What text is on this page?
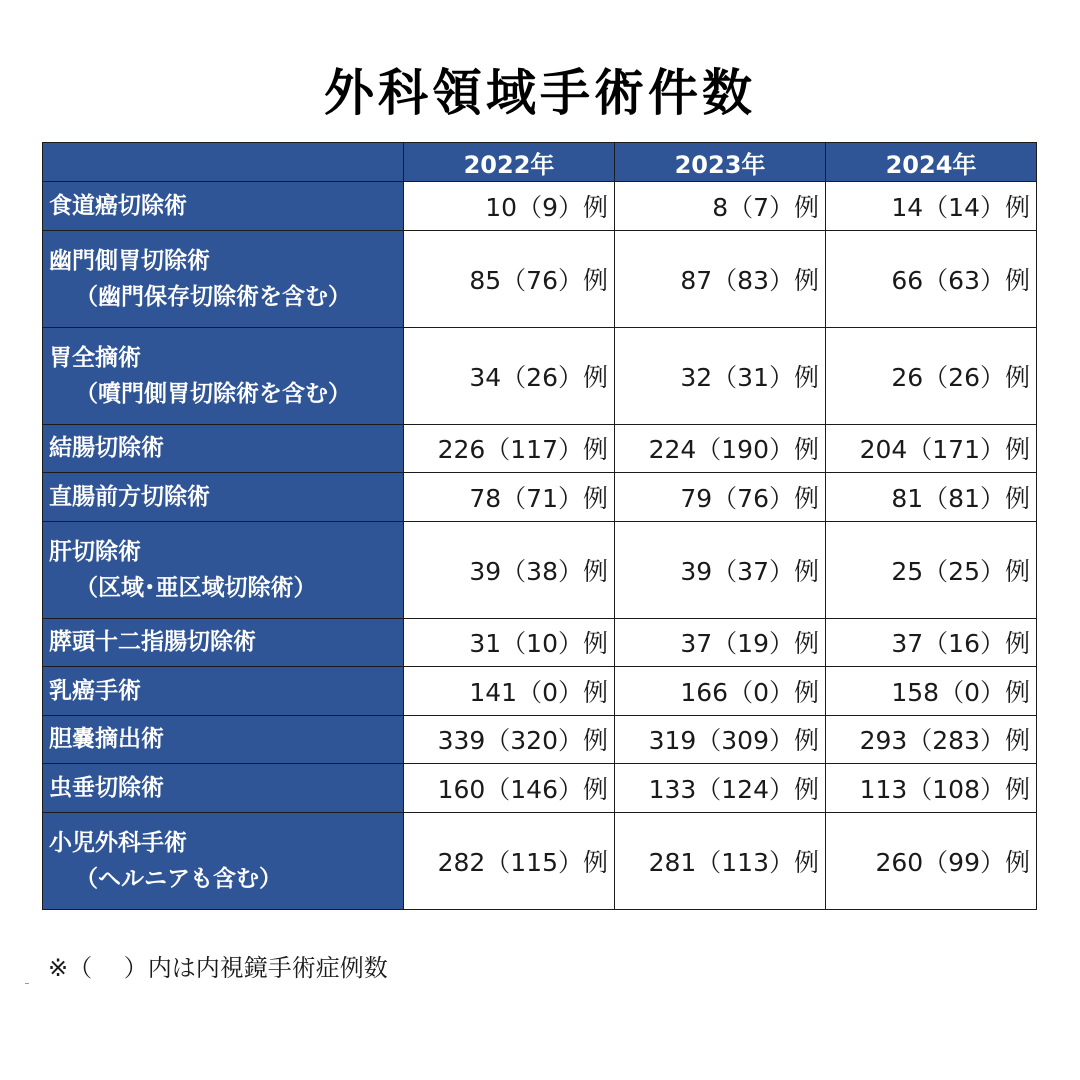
外科領域手術件数
	2022年	2023年	2024年
食道癌切除術	10（9）例	8（7）例	14（14）例
幽門側胃切除術
（幽門保存切除術を含む）	85（76）例	87（83）例	66（63）例
胃全摘術
（噴門側胃切除術を含む）	34（26）例	32（31）例	26（26）例
結腸切除術	226（117）例	224（190）例	204（171）例
直腸前方切除術	78（71）例	79（76）例	81（81）例
肝切除術
（区域･亜区域切除術）	39（38）例	39（37）例	25（25）例
膵頭十二指腸切除術	31（10）例	37（19）例	37（16）例
乳癌手術	141（0）例	166（0）例	158（0）例
胆嚢摘出術	339（320）例	319（309）例	293（283）例
虫垂切除術	160（146）例	133（124）例	113（108）例
小児外科手術
（ヘルニアも含む）	282（115）例	281（113）例	260（99）例
※（　 ）内は内視鏡手術症例数
